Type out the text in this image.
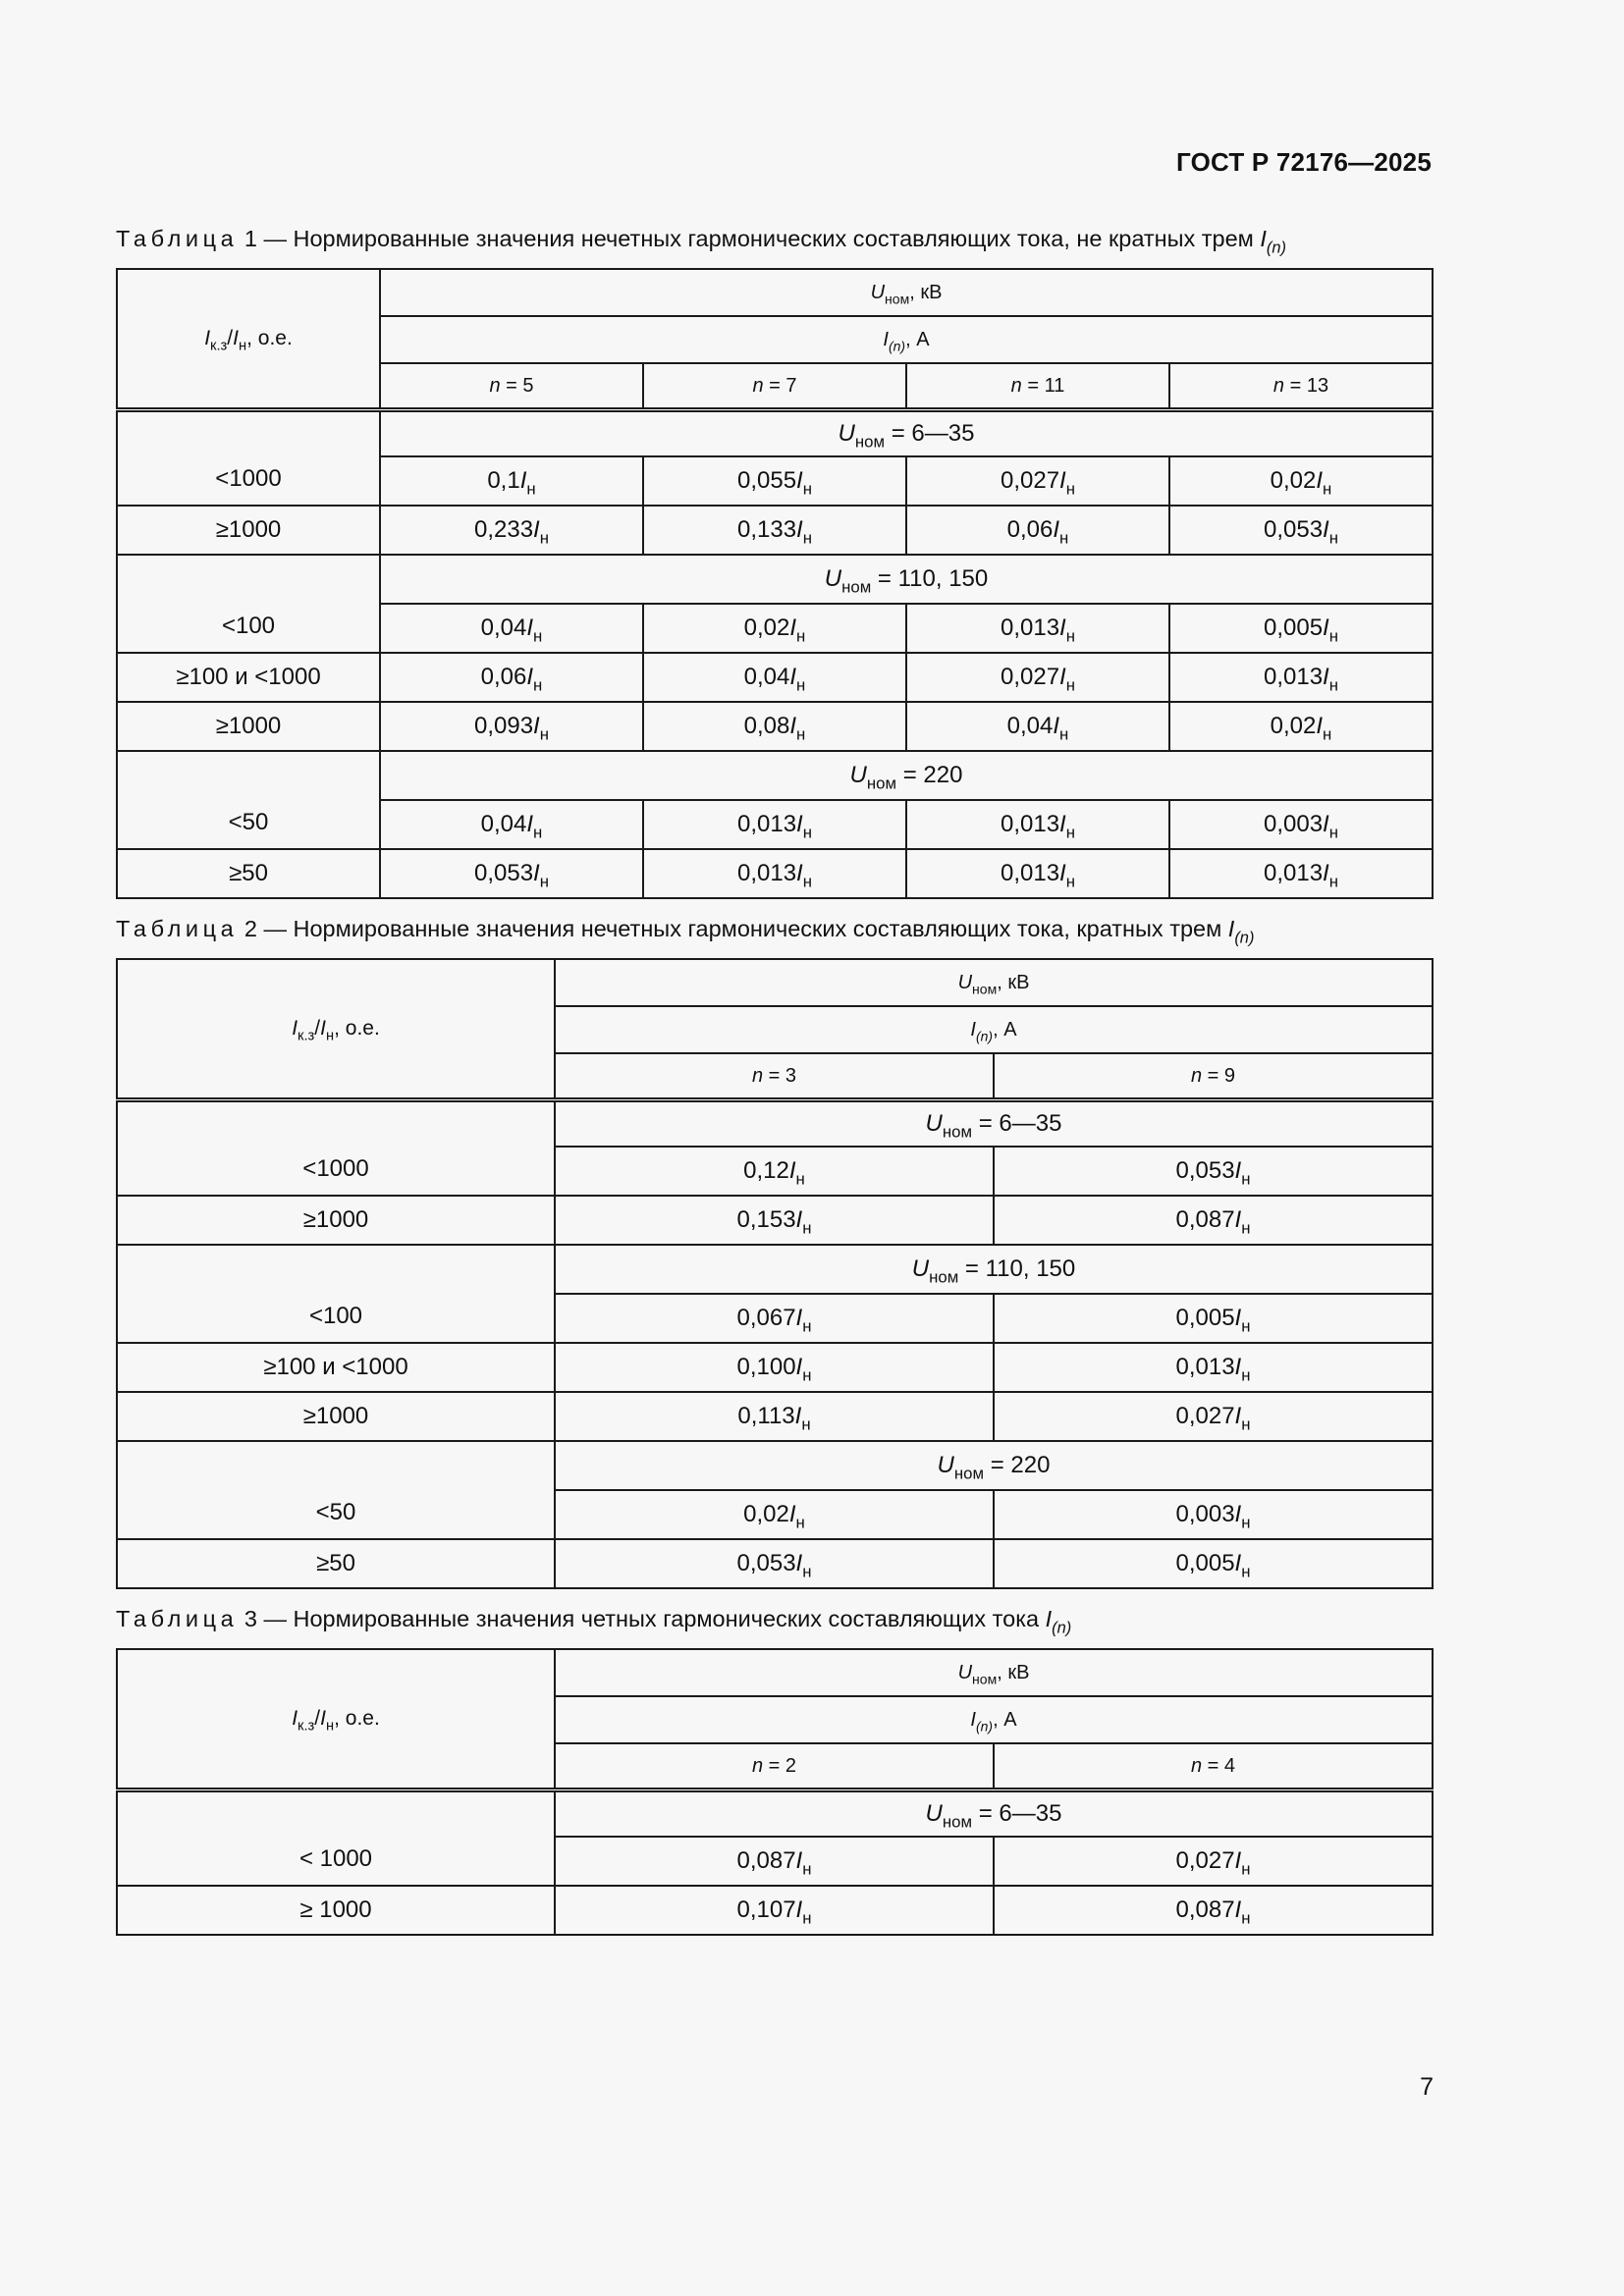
ГОСТ Р 72176—2025
Таблица 1 — Нормированные значения нечетных гармонических составляющих тока, не кратных трем $I_{(n)}$
$I_{к.з}/I_н$, о.е.	$U_{ном}$, кВ			
	$I_{(n)}$, А			
	n = 5	n = 7	n = 11	n = 13
<1000	$U_{ном}$ = 6—35			
	$0,1I_н$	$0,055I_н$	$0,027I_н$	$0,02I_н$
≥1000	$0,233I_н$	$0,133I_н$	$0,06I_н$	$0,053I_н$
<100	$U_{ном} = 110$, 150			
	$0,04I_н$	$0,02I_н$	$0,013I_н$	$0,005I_н$
≥100 и <1000	$0,06I_н$	$0,04I_н$	$0,027I_н$	$0,013I_н$
≥1000	$0,093I_н$	$0,08I_н$	$0,04I_н$	$0,02I_н$
<50	$U_{ном} = 220$			
	$0,04I_н$	$0,013I_н$	$0,013I_н$	$0,003I_н$
≥50	$0,053I_н$	$0,013I_н$	$0,013I_н$	$0,013I_н$
Таблица 2 — Нормированные значения нечетных гармонических составляющих тока, кратных трем $I_{(n)}$
$I_{к.з}/I_н$, о.е.	$U_{ном}$, кВ	
	$I_{(n)}$, А	
	n = 3	n = 9
<1000	$U_{ном}$ = 6—35	
	$0,12I_н$	$0,053I_н$
≥1000	$0,153I_н$	$0,087I_н$
<100	$U_{ном} = 110$, 150	
	$0,067I_н$	$0,005I_н$
≥100 и <1000	$0,100I_н$	$0,013I_н$
≥1000	$0,113I_н$	$0,027I_н$
<50	$U_{ном} = 220$	
	$0,02I_н$	$0,003I_н$
≥50	$0,053I_н$	$0,005I_н$
Таблица 3 — Нормированные значения четных гармонических составляющих тока $I_{(n)}$
$I_{к.з}/I_н$, о.е.	$U_{ном}$, кВ	
	$I_{(n)}$, А	
	n = 2	n = 4
< 1000	$U_{ном}$ = 6—35	
	$0,087I_н$	$0,027I_н$
≥ 1000	$0,107I_н$	$0,087I_н$
7
